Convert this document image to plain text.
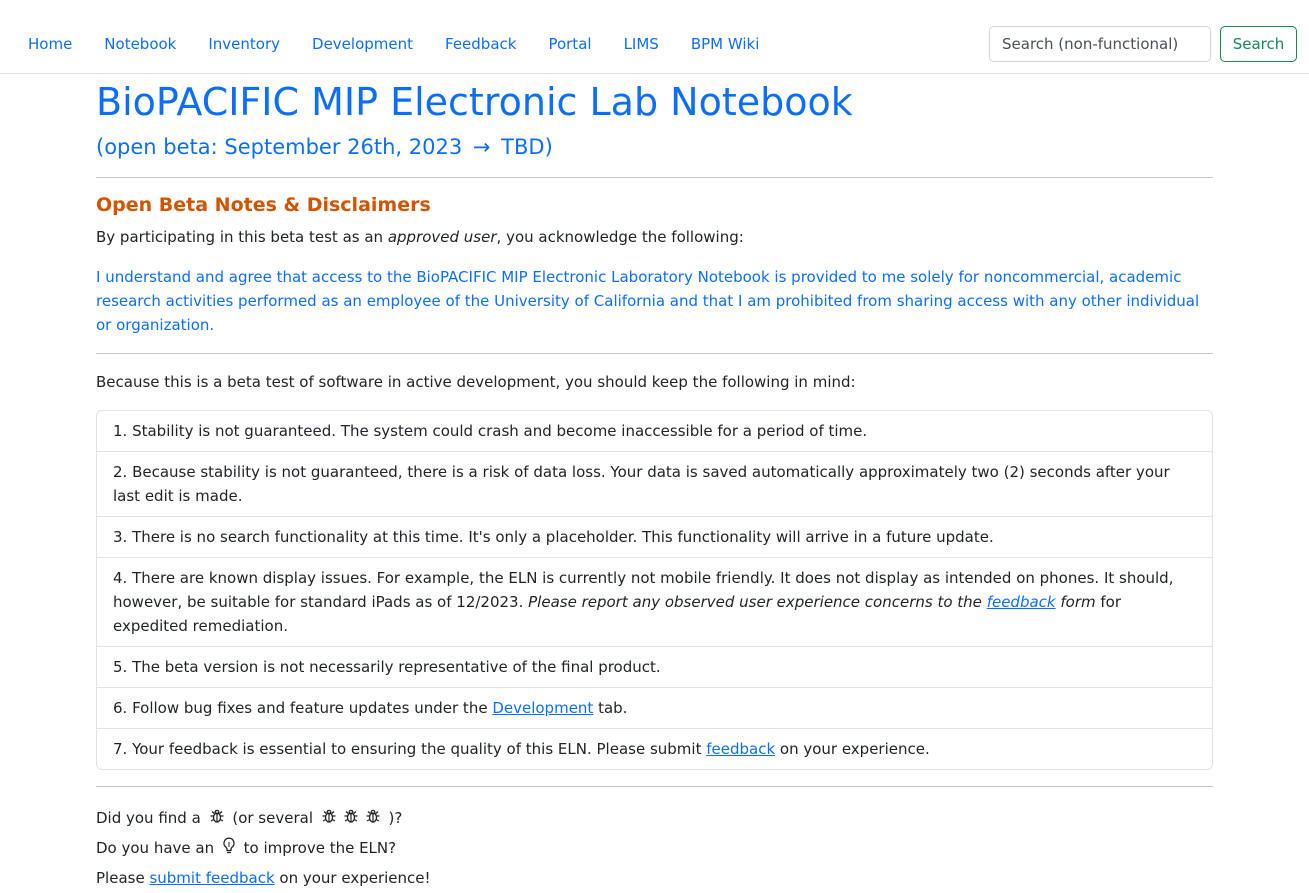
Home	Notebook	Inventory	Development	Feedback	Portal	LIMS	BPM Wiki
Search (non-functional)	Search
BioPACIFIC MIP Electronic Lab Notebook
(open beta: September 26th, 2023 → TBD)
Open Beta Notes & Disclaimers

By participating in this beta test as an approved user, you acknowledge the following:

I understand and agree that access to the BioPACIFIC MIP Electronic Laboratory Notebook is provided to me solely for noncommercial, academic research activities performed as an employee of the University of California and that I am prohibited from sharing access with any other individual or organization.

Because this is a beta test of software in active development, you should keep the following in mind:

1. Stability is not guaranteed. The system could crash and become inaccessible for a period of time.
2. Because stability is not guaranteed, there is a risk of data loss. Your data is saved automatically approximately two (2) seconds after your last edit is made.
3. There is no search functionality at this time. It's only a placeholder. This functionality will arrive in a future update.
4. There are known display issues. For example, the ELN is currently not mobile friendly. It does not display as intended on phones. It should, however, be suitable for standard iPads as of 12/2023. Please report any observed user experience concerns to the feedback form for expedited remediation.
5. The beta version is not necessarily representative of the final product.
6. Follow bug fixes and feature updates under the Development tab.
7. Your feedback is essential to ensuring the quality of this ELN. Please submit feedback on your experience.

Did you find a (or several	)?

Do you have an to improve the ELN?

Please submit feedback on your experience!
